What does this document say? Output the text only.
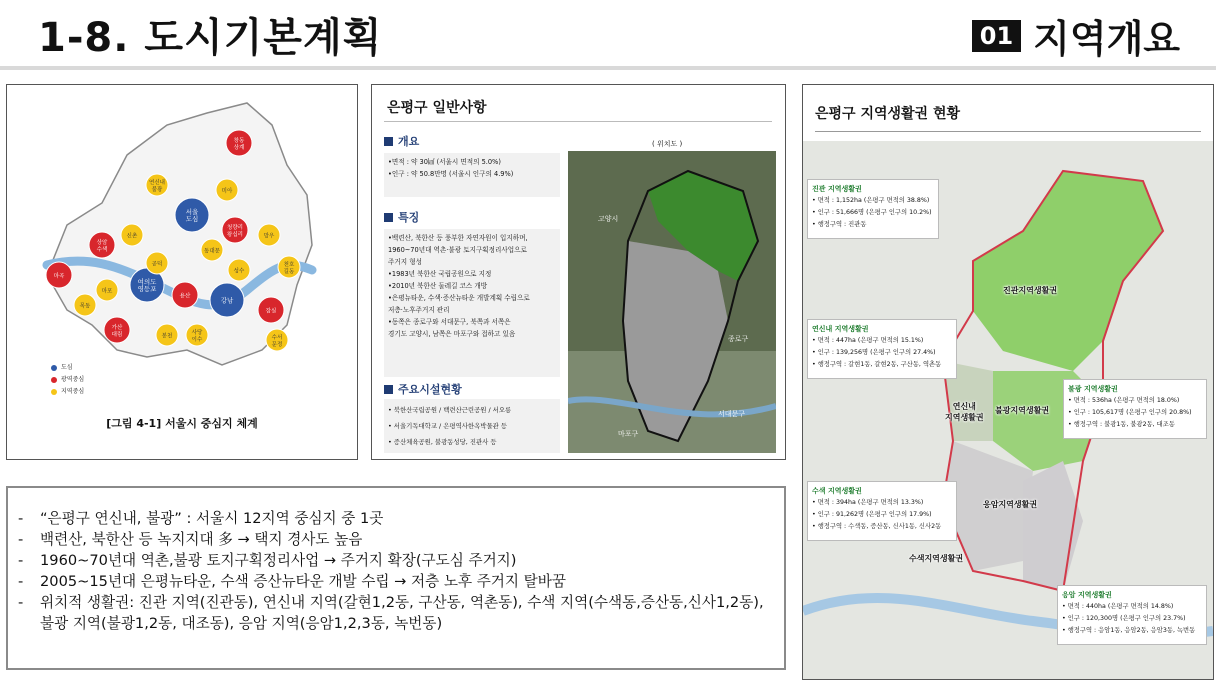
1-8. 도시기본계획	01 지역개요
서울
도심
여의도
영등포
강남
상암
수색
창동
상계
청량리
왕십리
용산
가산
대림
잠실
마곡
연신내
불광
신촌
마포
망우
천호
길동
사당
이수
봉천
목동
수서
문정
성수
동대문
미아
공덕
도심
광역중심
지역중심
[그림 4-1] 서울시 중심지 체계
은평구 일반사항
개요
•면적 : 약 30㎢ (서울시 면적의 5.0%)
•인구 : 약 50.8만명 (서울시 인구의 4.9%)
특징
•백련산, 북한산 등 풍부한 자연자원이 입지하며,
1960~70년대 역촌·불광 토지구획정리사업으로
주거지 형성
•1983년 북한산 국립공원으로 지정
•2010년 북한산 둘레길 코스 개방
•은평뉴타운, 수색·증산뉴타운 개발계획 수립으로
저층·노후주거지 관리
•동쪽은 종로구와 서대문구, 북쪽과 서쪽은
경기도 고양시, 남쪽은 마포구와 접하고 있음
주요시설현황
• 북한산국립공원 / 백련산근린공원 / 서오릉
• 서울기독대학교 / 은평역사한옥박물관 등
• 증산체육공원, 불광동성당, 진관사 등
( 위치도 )
고양시
종로구
서대문구
마포구
은평구 지역생활권 현황
진관지역생활권
연신내
지역생활권
불광지역생활권
응암지역생활권
수색지역생활권
진관 지역생활권
• 면적 : 1,152ha (은평구 면적의 38.8%)
• 인구 : 51,666명 (은평구 인구의 10.2%)
• 행정구역 : 진관동
연신내 지역생활권
• 면적 : 447ha (은평구 면적의 15.1%)
• 인구 : 139,256명 (은평구 인구의 27.4%)
• 행정구역 : 갈현1동, 갈현2동, 구산동, 역촌동
불광 지역생활권
• 면적 : 536ha (은평구 면적의 18.0%)
• 인구 : 105,617명 (은평구 인구의 20.8%)
• 행정구역 : 불광1동, 불광2동, 대조동
수색 지역생활권
• 면적 : 394ha (은평구 면적의 13.3%)
• 인구 : 91,262명 (은평구 인구의 17.9%)
• 행정구역 : 수색동, 증산동, 신사1동, 신사2동
응암 지역생활권
• 면적 : 440ha (은평구 면적의 14.8%)
• 인구 : 120,300명 (은평구 인구의 23.7%)
• 행정구역 : 응암1동, 응암2동, 응암3동, 녹번동
-	“은평구 연신내, 불광” : 서울시 12지역 중심지 중 1곳
-	백련산, 북한산 등 녹지지대 多 → 택지 경사도 높음
-	1960~70년대 역촌,불광 토지구획정리사업 → 주거지 확장(구도심 주거지)
-	2005~15년대 은평뉴타운, 수색 증산뉴타운 개발 수립 → 저층 노후 주거지 탈바꿈
-	위치적 생활권: 진관 지역(진관동), 연신내 지역(갈현1,2동, 구산동, 역촌동), 수색 지역(수색동,증산동,신사1,2동), 불광 지역(불광1,2동, 대조동), 응암 지역(응암1,2,3동, 녹번동)
